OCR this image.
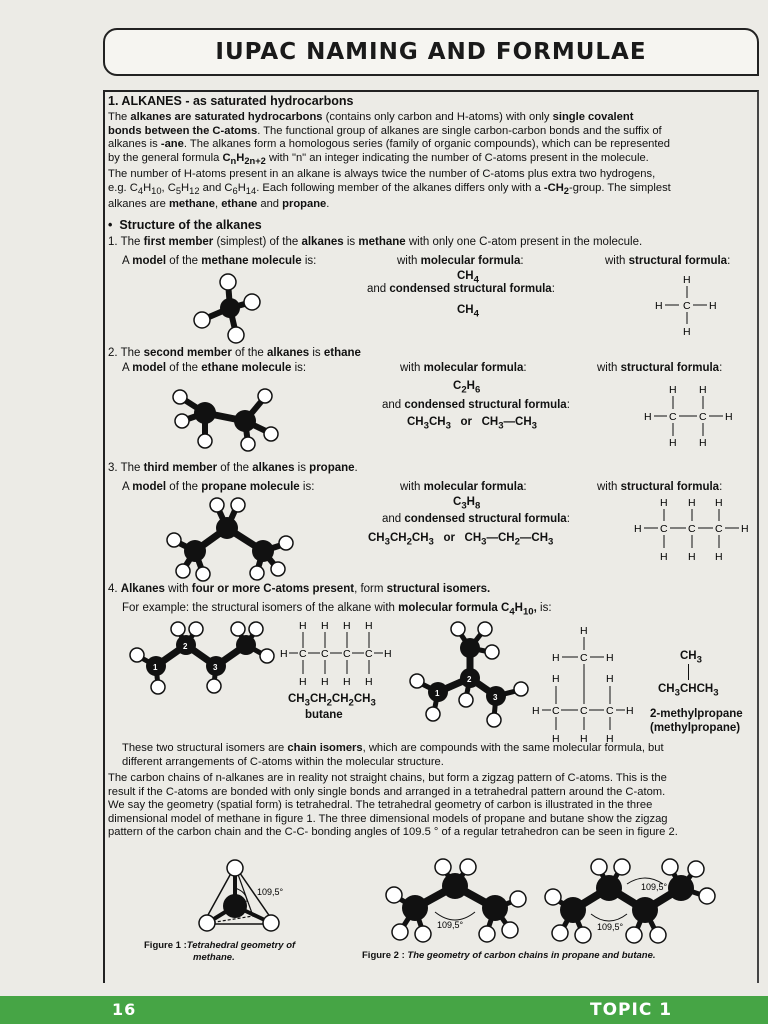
IUPAC NAMING AND FORMULAE
1. ALKANES - as saturated hydrocarbons
The alkanes are saturated hydrocarbons (contains only carbon and H-atoms) with only single covalent
bonds between the C-atoms. The functional group of alkanes are single carbon-carbon bonds and the suffix of
alkanes is -ane. The alkanes form a homologous series (family of organic compounds), which can be represented
by the general formula $C_nH_{2n+2}$ with "n" an integer indicating the number of C-atoms present in the molecule.
The number of H-atoms present in an alkane is always twice the number of C-atoms plus extra two hydrogens,
e.g. $C_4H_{10}$, $C_5H_{12}$ and $C_6H_{14}$. Each following member of the alkanes differs only with a $-CH_2$-group. The simplest
alkanes are methane, ethane and propane.
•  Structure of the alkanes
1. The first member (simplest) of the alkanes is methane with only one C-atom present in the molecule.
A model of the methane molecule is:	with molecular formula:	with structural formula:
$CH_4$
and condensed structural formula:
$CH_4$
H
H C H
H
2. The second member of the alkanes is ethane
A model of the ethane molecule is:	with molecular formula:	with structural formula:
$C_2H_6$
and condensed structural formula:
$CH_3CH_3$   or   $CH_3—CH_3$
H H
H C C H
H H
3. The third member of the alkanes is propane.
A model of the propane molecule is:	with molecular formula:	with structural formula:
$C_3H_8$
and condensed structural formula:
$CH_3CH_2CH_3$   or   $CH_3—CH_2—CH_3$
H H H
H C C C H
H H H
4. Alkanes with four or more C-atoms present, form structural isomers.
For example: the structural isomers of the alkane with molecular formula $C_4H_{10}$, is:
1
2
3
H H H H
H C C C C H
H H H H
$CH_3CH_2CH_2CH_3$
butane
2
1	3
H
H C H
H	H
H C C C H
H H H
$CH_3$
$CH_3CHCH_3$
2-methylpropane
(methylpropane)
These two structural isomers are chain isomers, which are compounds with the same molecular formula, but
different arrangements of C-atoms within the molecular structure.
The carbon chains of n-alkanes are in reality not straight chains, but form a zigzag pattern of C-atoms. This is the
result if the C-atoms are bonded with only single bonds and arranged in a tetrahedral pattern around the C-atom.
We say the geometry (spatial form) is tetrahedral. The tetrahedral geometry of carbon is illustrated in the three
dimensional model of methane in figure 1. The three dimensional models of propane and butane show the zigzag
pattern of the carbon chain and the C-C- bonding angles of 109.5 ° of a regular tetrahedron can be seen in figure 2.
109,5°
Figure 1 :Tetrahedral geometry of
methane.
109,5°	109,5°
109,5°
Figure 2 : The geometry of carbon chains in propane and butane.
16	TOPIC 1
